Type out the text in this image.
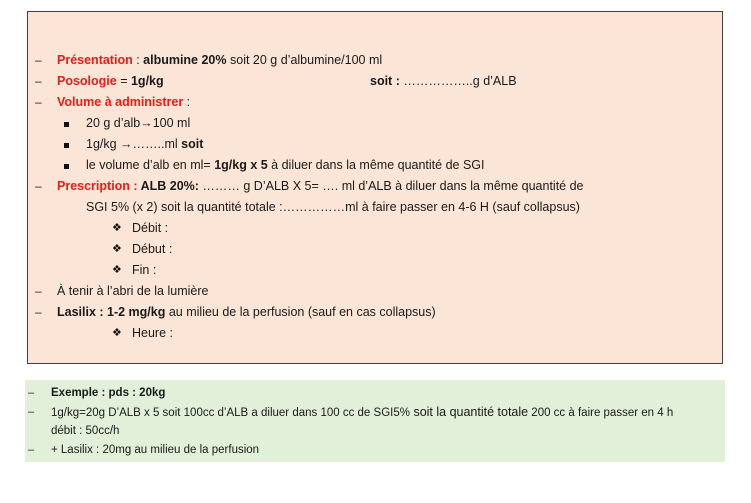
– Présentation : albumine 20% soit 20 g d’albumine/100 ml
– Posologie = 1g/kg	soit : ……………..g d’ALB
– Volume à administrer :
20 g d’alb→100 ml
1g/kg →……..ml soit
le volume d’alb en ml= 1g/kg x 5 à diluer dans la même quantité de SGI
– Prescription : ALB 20%: ……… g D’ALB X 5= …. ml d’ALB à diluer dans la même quantité de
SGI 5% (x 2) soit la quantité totale :……………ml à faire passer en 4-6 H (sauf collapsus)
❖ Débit :
❖ Début :
❖ Fin :
– À tenir à l’abri de la lumière
– Lasilix : 1-2 mg/kg au milieu de la perfusion (sauf en cas collapsus)
❖ Heure :
– Exemple : pds : 20kg
– 1g/kg=20g D’ALB x 5 soit 100cc d’ALB a diluer dans 100 cc de SGI5% soit la quantité totale 200 cc à faire passer en 4 h
débit : 50cc/h
– + Lasilix : 20mg au milieu de la perfusion
